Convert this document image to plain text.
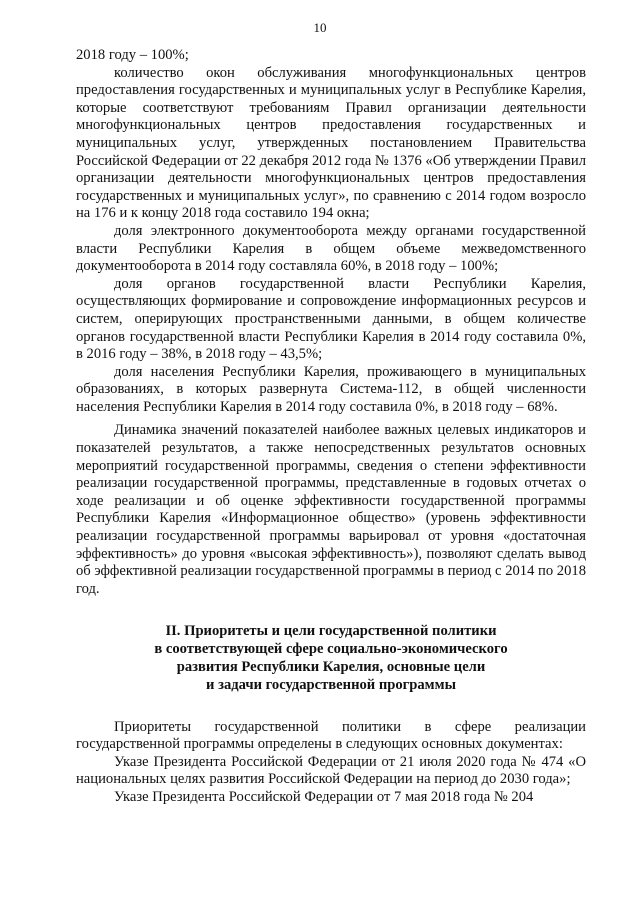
10

2018 году – 100%;

количество окон обслуживания многофункциональных центров предоставления государственных и муниципальных услуг в Республике Карелия, которые соответствуют требованиям Правил организации деятельности многофункциональных центров предоставления государственных и муниципальных услуг, утвержденных постановлением Правительства Российской Федерации от 22 декабря 2012 года № 1376 «Об утверждении Правил организации деятельности многофункциональных центров предоставления государственных и муниципальных услуг», по сравнению с 2014 годом возросло на 176 и к концу 2018 года составило 194 окна;

доля электронного документооборота между органами государственной власти Республики Карелия в общем объеме межведомственного документооборота в 2014 году составляла 60%, в 2018 году – 100%;

доля органов государственной власти Республики Карелия, осуществляющих формирование и сопровождение информационных ресурсов и систем, оперирующих пространственными данными, в общем количестве органов государственной власти Республики Карелия в 2014 году составила 0%, в 2016 году – 38%, в 2018 году – 43,5%;

доля населения Республики Карелия, проживающего в муниципальных образованиях, в которых развернута Система-112, в общей численности населения Республики Карелия в 2014 году составила 0%, в 2018 году – 68%.

Динамика значений показателей наиболее важных целевых индикаторов и показателей результатов, а также непосредственных результатов основных мероприятий государственной программы, сведения о степени эффективности реализации государственной программы, представленные в годовых отчетах о ходе реализации и об оценке эффективности государственной программы Республики Карелия «Информационное общество» (уровень эффективности реализации государственной программы варьировал от уровня «достаточная эффективность» до уровня «высокая эффективность»), позволяют сделать вывод об эффективной реализации государственной программы в период с 2014 по 2018 год.

II. Приоритеты и цели государственной политики
в соответствующей сфере социально-экономического
развития Республики Карелия, основные цели
и задачи государственной программы

Приоритеты государственной политики в сфере реализации государственной программы определены в следующих основных документах:

Указе Президента Российской Федерации от 21 июля 2020 года № 474 «О национальных целях развития Российской Федерации на период до 2030 года»;

Указе Президента Российской Федерации от 7 мая 2018 года № 204
